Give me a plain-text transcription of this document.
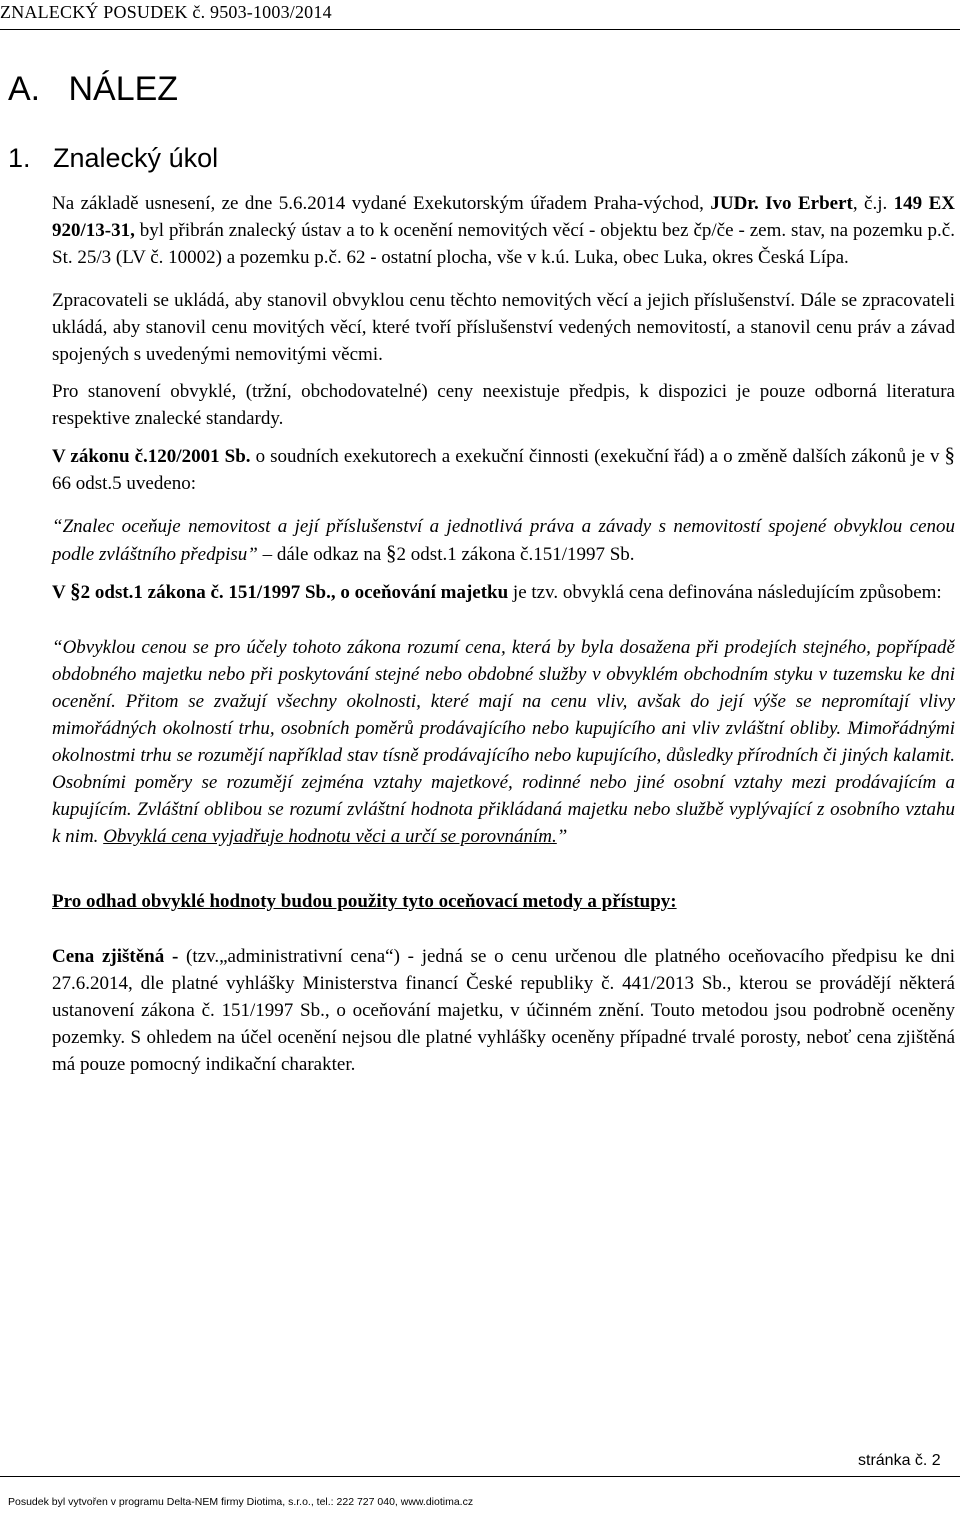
ZNALECKÝ POSUDEK č. 9503-1003/2014
A.   NÁLEZ
1.   Znalecký úkol

Na základě usnesení, ze dne 5.6.2014 vydané Exekutorským úřadem Praha-východ, JUDr. Ivo Erbert, č.j. 149 EX 920/13-31, byl přibrán znalecký ústav a to k ocenění nemovitých věcí - objektu bez čp/če - zem. stav, na pozemku p.č. St. 25/3 (LV č. 10002) a pozemku p.č. 62 - ostatní plocha, vše v k.ú. Luka, obec Luka, okres Česká Lípa.

Zpracovateli se ukládá, aby stanovil obvyklou cenu těchto nemovitých věcí a jejich příslušenství. Dále se zpracovateli ukládá, aby stanovil cenu movitých věcí, které tvoří příslušenství vedených nemovitostí, a stanovil cenu práv a závad spojených s uvedenými nemovitými věcmi.

Pro stanovení obvyklé, (tržní, obchodovatelné) ceny neexistuje předpis, k dispozici je pouze odborná literatura respektive znalecké standardy.

V zákonu č.120/2001 Sb. o soudních exekutorech a exekuční činnosti (exekuční řád) a o změně dalších zákonů je v § 66 odst.5 uvedeno:

“Znalec oceňuje nemovitost a její příslušenství a jednotlivá práva a závady s nemovitostí spojené obvyklou cenou podle zvláštního předpisu” – dále odkaz na §2 odst.1 zákona č.151/1997 Sb.

V §2 odst.1 zákona č. 151/1997 Sb., o oceňování majetku je tzv. obvyklá cena definována následujícím způsobem:

“Obvyklou cenou se pro účely tohoto zákona rozumí cena, která by byla dosažena při prodejích stejného, popřípadě obdobného majetku nebo při poskytování stejné nebo obdobné služby v obvyklém obchodním styku v tuzemsku ke dni ocenění. Přitom se zvažují všechny okolnosti, které mají na cenu vliv, avšak do její výše se nepromítají vlivy mimořádných okolností trhu, osobních poměrů prodávajícího nebo kupujícího ani vliv zvláštní obliby. Mimořádnými okolnostmi trhu se rozumějí například stav tísně prodávajícího nebo kupujícího, důsledky přírodních či jiných kalamit. Osobními poměry se rozumějí zejména vztahy majetkové, rodinné nebo jiné osobní vztahy mezi prodávajícím a kupujícím. Zvláštní oblibou se rozumí zvláštní hodnota přikládaná majetku nebo službě vyplývající z osobního vztahu k nim. Obvyklá cena vyjadřuje hodnotu věci a určí se porovnáním.”

Pro odhad obvyklé hodnoty budou použity tyto oceňovací metody a přístupy:

Cena zjištěná - (tzv.„administrativní cena“) - jedná se o cenu určenou dle platného oceňovacího předpisu ke dni 27.6.2014, dle platné vyhlášky Ministerstva financí České republiky č. 441/2013 Sb., kterou se provádějí některá ustanovení zákona č. 151/1997 Sb., o oceňování majetku, v účinném znění. Touto metodou jsou podrobně oceněny pozemky. S ohledem na účel ocenění nejsou dle platné vyhlášky oceněny případné trvalé porosty, neboť cena zjištěná má pouze pomocný indikační charakter.

stránka č. 2
Posudek byl vytvořen v programu Delta-NEM firmy Diotima, s.r.o., tel.: 222 727 040, www.diotima.cz
